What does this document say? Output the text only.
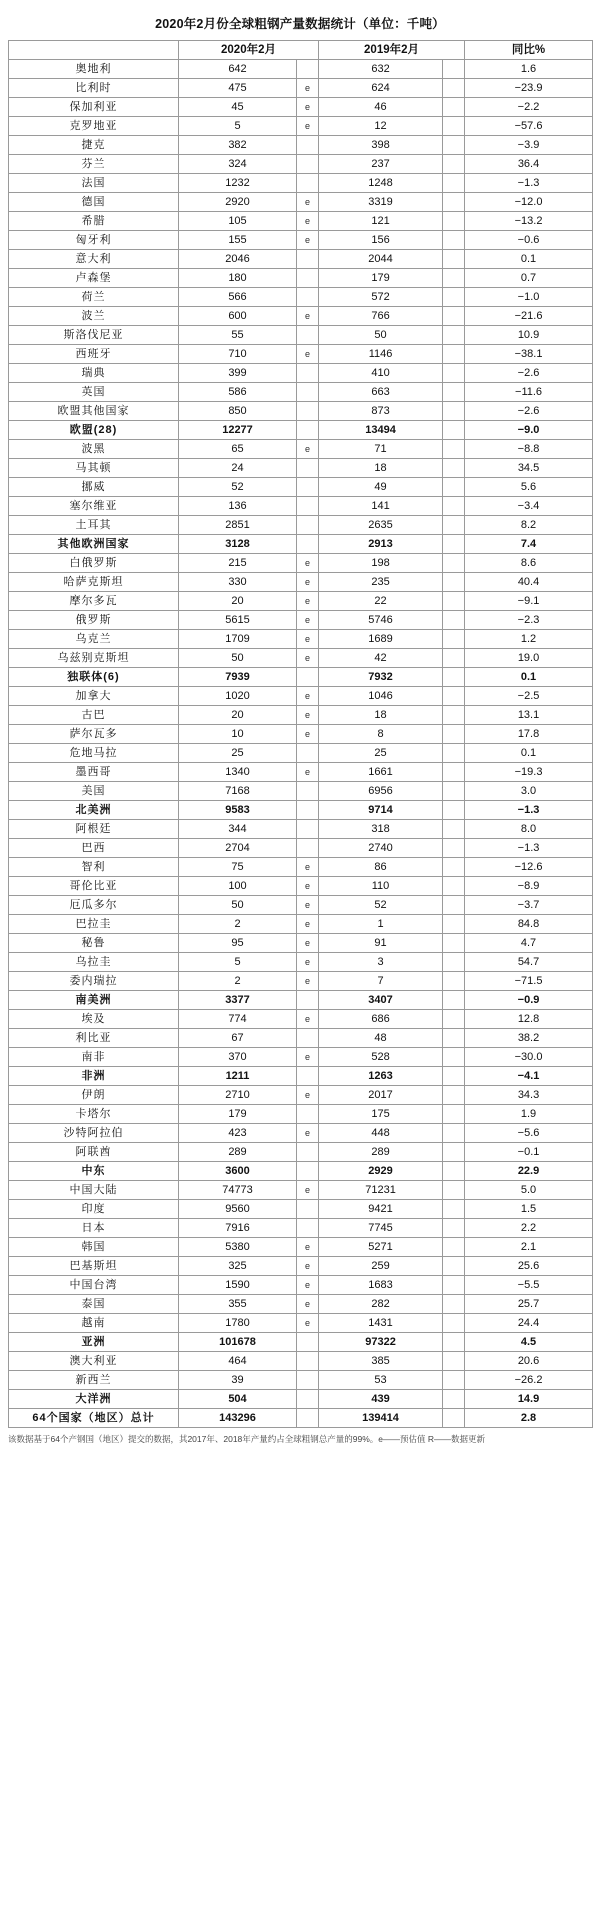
2020年2月份全球粗钢产量数据统计（单位：千吨）
	2020年2月		2019年2月		同比%
奥地利	642		632		1.6
比利时	475	e	624		−23.9
保加利亚	45	e	46		−2.2
克罗地亚	5	e	12		−57.6
捷克	382		398		−3.9
芬兰	324		237		36.4
法国	1232		1248		−1.3
德国	2920	e	3319		−12.0
希腊	105	e	121		−13.2
匈牙利	155	e	156		−0.6
意大利	2046		2044		0.1
卢森堡	180		179		0.7
荷兰	566		572		−1.0
波兰	600	e	766		−21.6
斯洛伐尼亚	55		50		10.9
西班牙	710	e	1146		−38.1
瑞典	399		410		−2.6
英国	586		663		−11.6
欧盟其他国家	850		873		−2.6
欧盟(28)	12277		13494		−9.0
波黑	65	e	71		−8.8
马其顿	24		18		34.5
挪威	52		49		5.6
塞尔维亚	136		141		−3.4
土耳其	2851		2635		8.2
其他欧洲国家	3128		2913		7.4
白俄罗斯	215	e	198		8.6
哈萨克斯坦	330	e	235		40.4
摩尔多瓦	20	e	22		−9.1
俄罗斯	5615	e	5746		−2.3
乌克兰	1709	e	1689		1.2
乌兹别克斯坦	50	e	42		19.0
独联体(6)	7939		7932		0.1
加拿大	1020	e	1046		−2.5
古巴	20	e	18		13.1
萨尔瓦多	10	e	8		17.8
危地马拉	25		25		0.1
墨西哥	1340	e	1661		−19.3
美国	7168		6956		3.0
北美洲	9583		9714		−1.3
阿根廷	344		318		8.0
巴西	2704		2740		−1.3
智利	75	e	86		−12.6
哥伦比亚	100	e	110		−8.9
厄瓜多尔	50	e	52		−3.7
巴拉圭	2	e	1		84.8
秘鲁	95	e	91		4.7
乌拉圭	5	e	3		54.7
委内瑞拉	2	e	7		−71.5
南美洲	3377		3407		−0.9
埃及	774	e	686		12.8
利比亚	67		48		38.2
南非	370	e	528		−30.0
非洲	1211		1263		−4.1
伊朗	2710	e	2017		34.3
卡塔尔	179		175		1.9
沙特阿拉伯	423	e	448		−5.6
阿联酋	289		289		−0.1
中东	3600		2929		22.9
中国大陆	74773	e	71231		5.0
印度	9560		9421		1.5
日本	7916		7745		2.2
韩国	5380	e	5271		2.1
巴基斯坦	325	e	259		25.6
中国台湾	1590	e	1683		−5.5
泰国	355	e	282		25.7
越南	1780	e	1431		24.4
亚洲	101678		97322		4.5
澳大利亚	464		385		20.6
新西兰	39		53		−26.2
大洋洲	504		439		14.9
64个国家（地区）总计	143296		139414		2.8
该数据基于64个产钢国（地区）提交的数据，其2017年、2018年产量约占全球粗钢总产量的99%。e——预估值 R——数据更新
